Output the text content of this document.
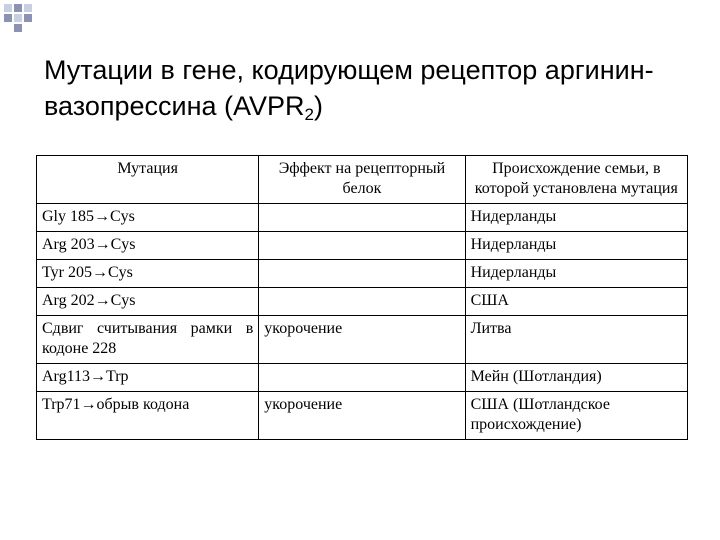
Мутации в гене, кодирующем рецептор аргинин-вазопрессина $(AVPR_2)$
Мутация	Эффект на рецепторный белок	Происхождение семьи, в которой установлена мутация
Gly 185→Cys		Нидерланды
Arg 203→Cys		Нидерланды
Tyr 205→Cys		Нидерланды
Arg 202→Cys		США
Сдвиг считывания рамки в кодоне 228	укорочение	Литва
Arg113→Trp		Мейн (Шотландия)
Trp71→обрыв кодона	укорочение	США (Шотландское происхождение)
